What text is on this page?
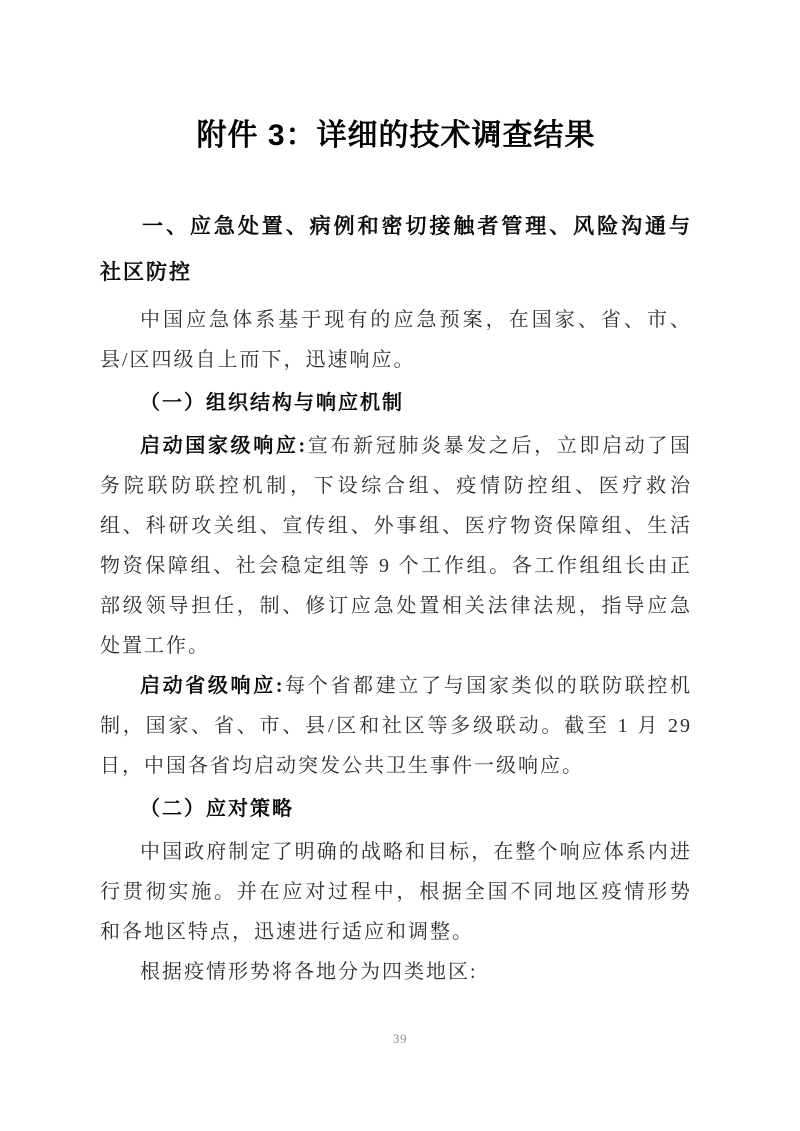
附件 3：详细的技术调查结果
一、应急处置、病例和密切接触者管理、风险沟通与社区防控

中国应急体系基于现有的应急预案，在国家、省、市、县/区四级自上而下，迅速响应。

（一）组织结构与响应机制

启动国家级响应:宣布新冠肺炎暴发之后，立即启动了国务院联防联控机制，下设综合组、疫情防控组、医疗救治组、科研攻关组、宣传组、外事组、医疗物资保障组、生活物资保障组、社会稳定组等 9 个工作组。各工作组组长由正部级领导担任，制、修订应急处置相关法律法规，指导应急处置工作。

启动省级响应:每个省都建立了与国家类似的联防联控机制，国家、省、市、县/区和社区等多级联动。截至 1 月 29 日，中国各省均启动突发公共卫生事件一级响应。

（二）应对策略

中国政府制定了明确的战略和目标，在整个响应体系内进行贯彻实施。并在应对过程中，根据全国不同地区疫情形势和各地区特点，迅速进行适应和调整。

根据疫情形势将各地分为四类地区:

39
